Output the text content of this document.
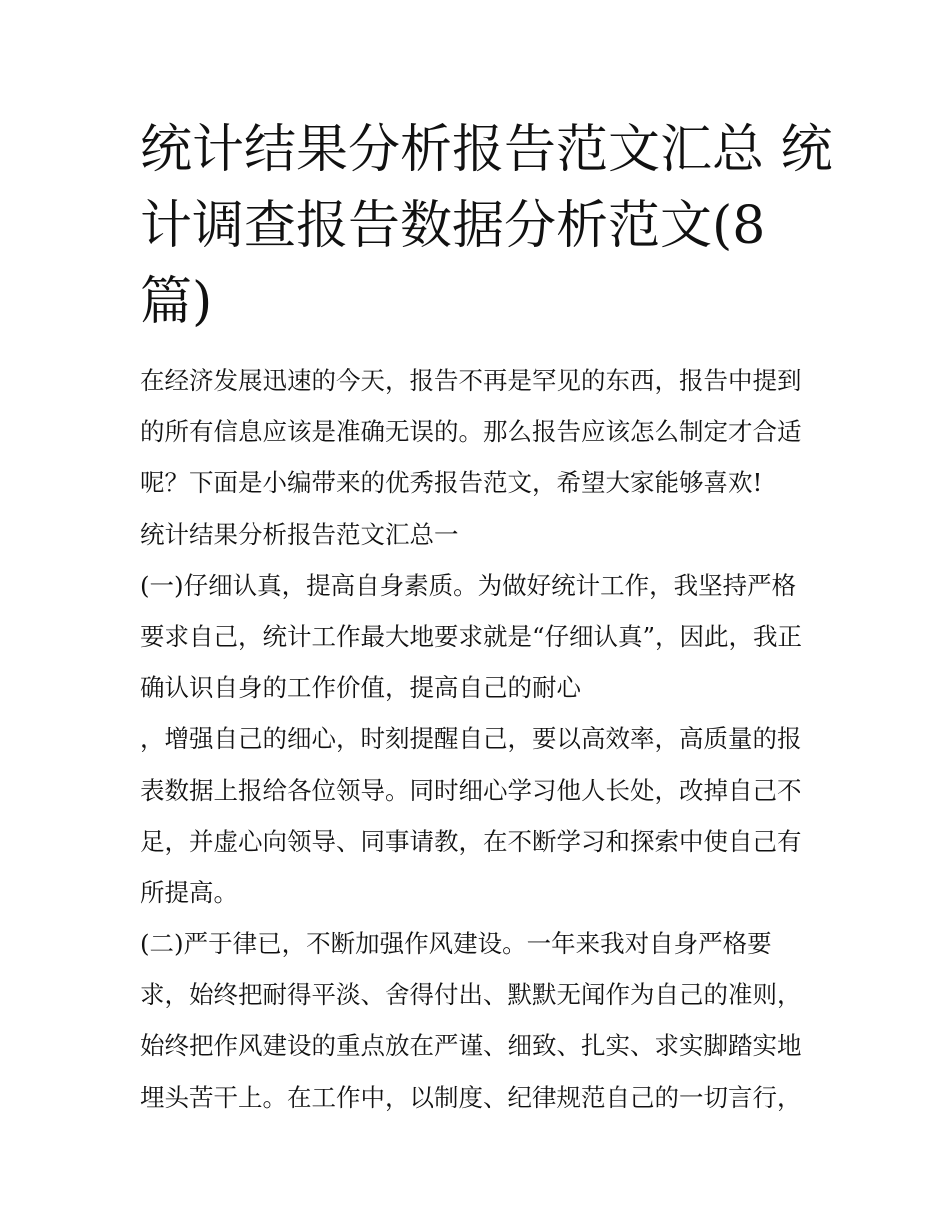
统计结果分析报告范文汇总 统
计调查报告数据分析范文(8
篇)
在经济发展迅速的今天，报告不再是罕见的东西，报告中提到
的所有信息应该是准确无误的。那么报告应该怎么制定才合适
呢？下面是小编带来的优秀报告范文，希望大家能够喜欢!
统计结果分析报告范文汇总一
(一)仔细认真，提高自身素质。为做好统计工作，我坚持严格
要求自己，统计工作最大地要求就是“仔细认真”，因此，我正
确认识自身的工作价值，提高自己的耐心
，增强自己的细心，时刻提醒自己，要以高效率，高质量的报
表数据上报给各位领导。同时细心学习他人长处，改掉自己不
足，并虚心向领导、同事请教，在不断学习和探索中使自己有
所提高。
(二)严于律已，不断加强作风建设。一年来我对自身严格要
求，始终把耐得平淡、舍得付出、默默无闻作为自己的准则，
始终把作风建设的重点放在严谨、细致、扎实、求实脚踏实地
埋头苦干上。在工作中，以制度、纪律规范自己的一切言行，
